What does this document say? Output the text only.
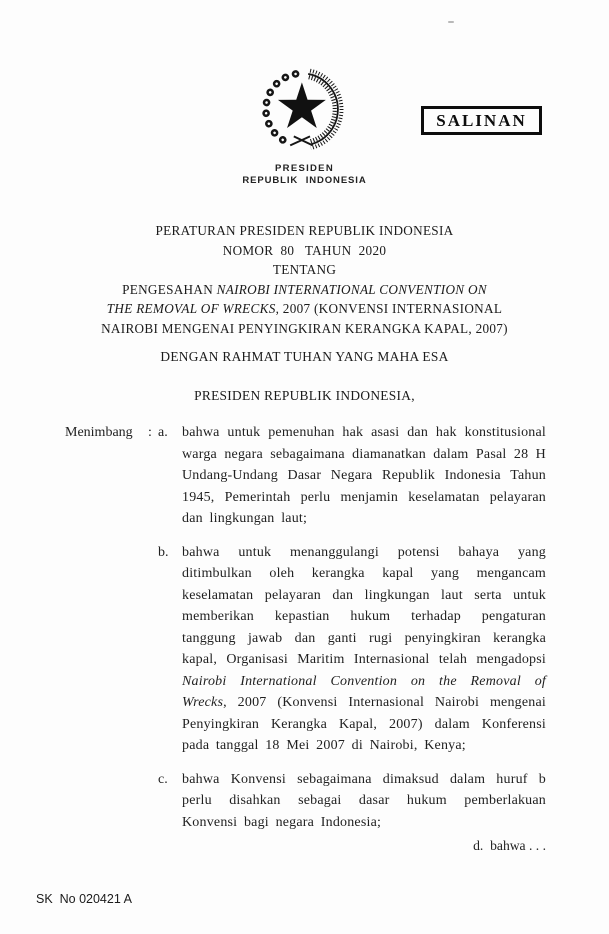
SALINAN
PRESIDEN
REPUBLIK INDONESIA
PERATURAN PRESIDEN REPUBLIK INDONESIA
NOMOR  80   TAHUN  2020
TENTANG
PENGESAHAN NAIROBI INTERNATIONAL CONVENTION ON
THE REMOVAL OF WRECKS, 2007 (KONVENSI INTERNASIONAL
NAIROBI MENGENAI PENYINGKIRAN KERANGKA KAPAL, 2007)
DENGAN RAHMAT TUHAN YANG MAHA ESA
PRESIDEN REPUBLIK INDONESIA,
Menimbang	: a.	bahwa untuk pemenuhan hak asasi dan hak konstitusional warga negara sebagaimana diamanatkan dalam Pasal 28 H Undang-Undang Dasar Negara Republik Indonesia Tahun 1945, Pemerintah perlu menjamin keselamatan pelayaran dan lingkungan laut;
b. bahwa untuk menanggulangi potensi bahaya yang ditimbulkan oleh kerangka kapal yang mengancam keselamatan pelayaran dan lingkungan laut serta untuk memberikan kepastian hukum terhadap pengaturan tanggung jawab dan ganti rugi penyingkiran kerangka kapal, Organisasi Maritim Internasional telah mengadopsi Nairobi International Convention on the Removal of Wrecks, 2007 (Konvensi Internasional Nairobi mengenai Penyingkiran Kerangka Kapal, 2007) dalam Konferensi pada tanggal 18 Mei 2007 di Nairobi, Kenya;
c.	bahwa Konvensi sebagaimana dimaksud dalam huruf b perlu disahkan sebagai dasar hukum pemberlakuan Konvensi bagi negara Indonesia;
d.  bahwa . . .
SK  No 020421 A
